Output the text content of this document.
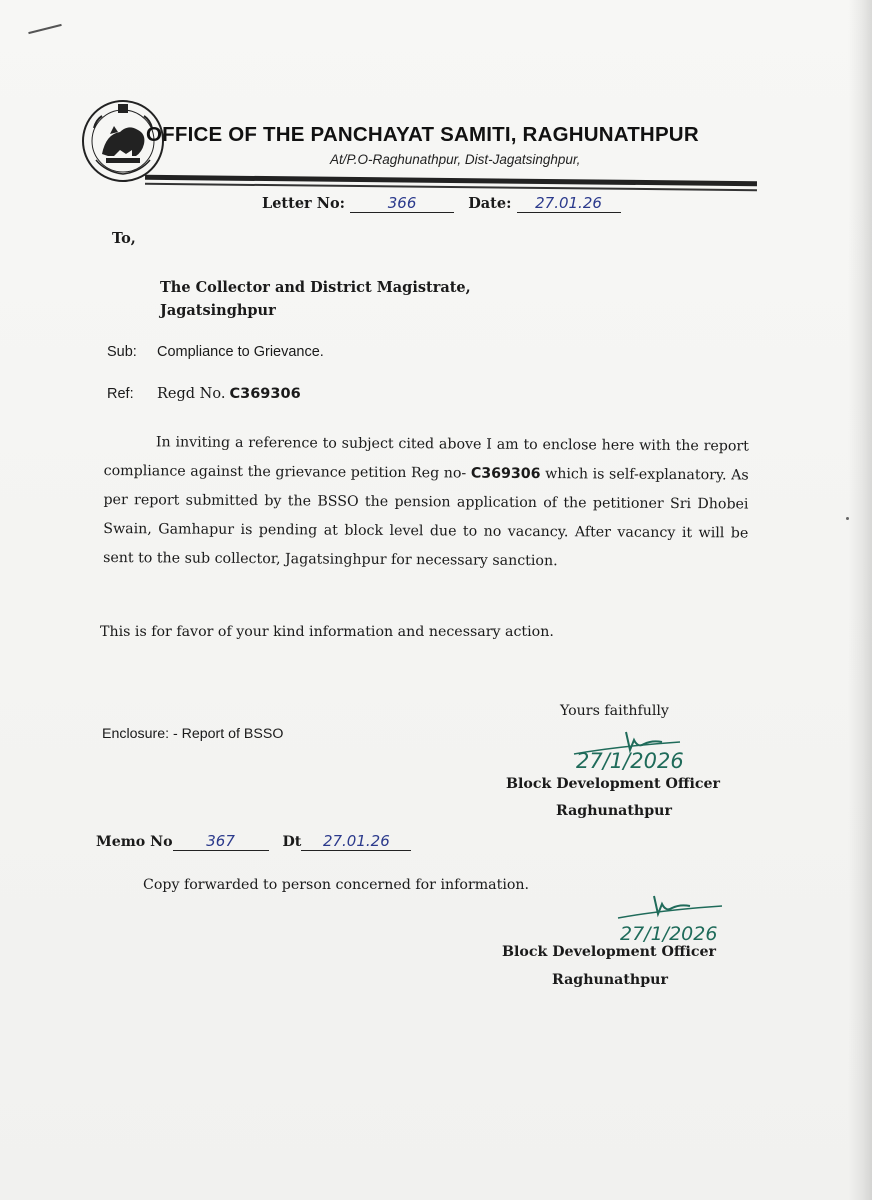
OFFICE OF THE PANCHAYAT SAMITI, RAGHUNATHPUR
At/P.O-Raghunathpur, Dist-Jagatsinghpur,
Letter No:	366	Date: 27.01.26
To,
The Collector and District Magistrate,
Jagatsinghpur
Sub: Compliance to Grievance.
Ref: Regd No. C369306
In inviting a reference to subject cited above I am to enclose here with the report compliance against the grievance petition Reg no- C369306 which is self-explanatory. As per report submitted by the BSSO the pension application of the petitioner Sri Dhobei Swain, Gamhapur is pending at block level due to no vacancy. After vacancy it will be sent to the sub collector, Jagatsinghpur for necessary sanction.
This is for favor of your kind information and necessary action.
Yours faithfully
Enclosure: - Report of BSSO
27/1/2026
Block Development Officer
Raghunathpur
Memo No 367	Dt 27.01.26
Copy forwarded to person concerned for information.
27/1/2026
Block Development Officer
Raghunathpur
